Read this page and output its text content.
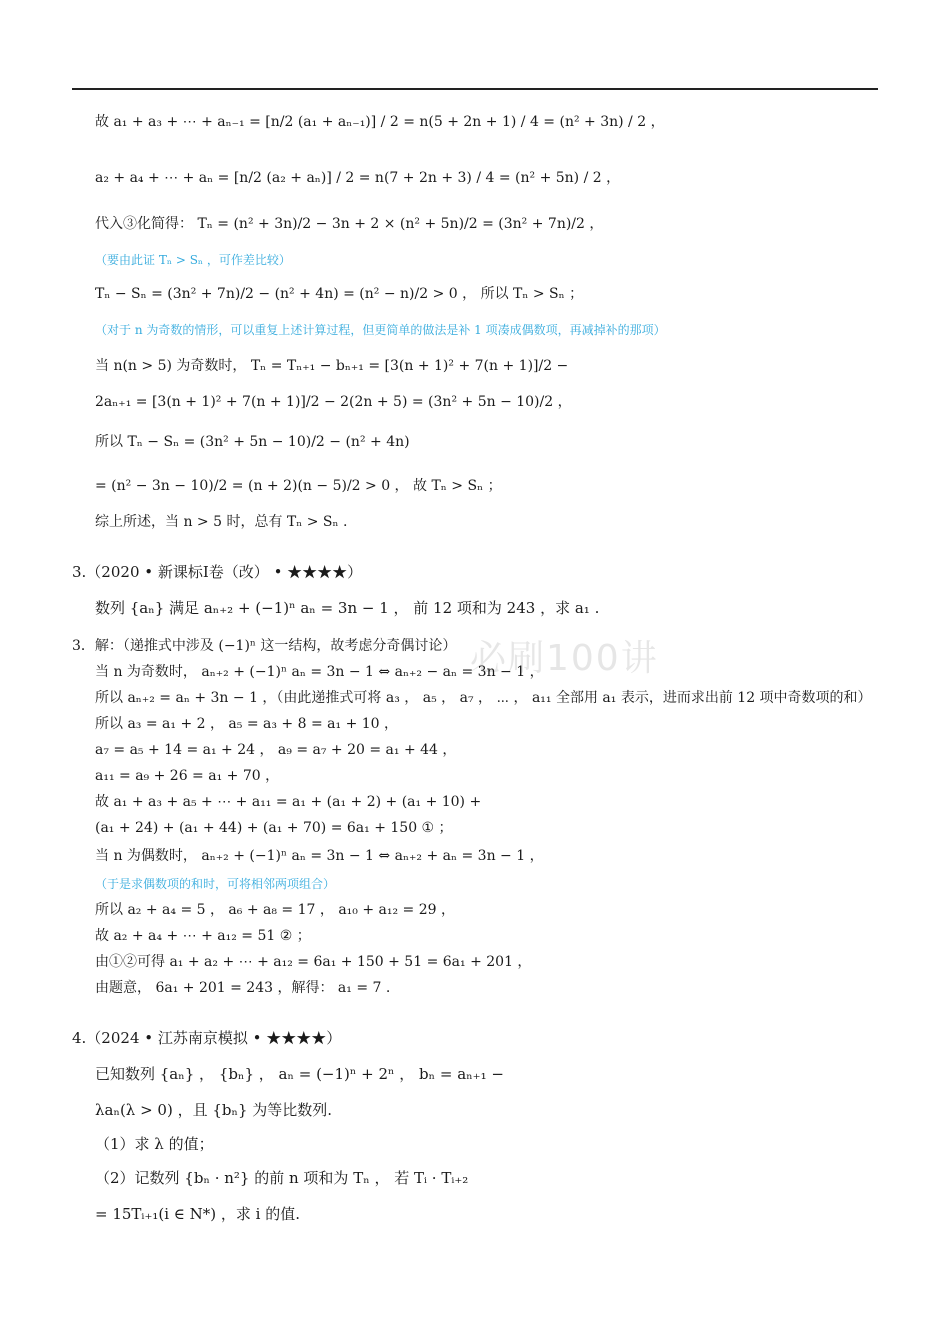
必刷100讲
故 a₁ + a₃ + ⋯ + aₙ₋₁ = [n/2 (a₁ + aₙ₋₁)] / 2 = n(5 + 2n + 1) / 4 = (n² + 3n) / 2 ，
a₂ + a₄ + ⋯ + aₙ = [n/2 (a₂ + aₙ)] / 2 = n(7 + 2n + 3) / 4 = (n² + 5n) / 2 ，
代入③化简得： Tₙ = (n² + 3n)/2 − 3n + 2 × (n² + 5n)/2 = (3n² + 7n)/2 ，
（要由此证 Tₙ > Sₙ ，可作差比较）
Tₙ − Sₙ = (3n² + 7n)/2 − (n² + 4n) = (n² − n)/2 > 0 ， 所以 Tₙ > Sₙ ；
（对于 n 为奇数的情形，可以重复上述计算过程，但更简单的做法是补 1 项凑成偶数项，再减掉补的那项）
当 n(n > 5) 为奇数时， Tₙ = Tₙ₊₁ − bₙ₊₁ = [3(n + 1)² + 7(n + 1)]/2 −
2aₙ₊₁ = [3(n + 1)² + 7(n + 1)]/2 − 2(2n + 5) = (3n² + 5n − 10)/2 ，
所以 Tₙ − Sₙ = (3n² + 5n − 10)/2 − (n² + 4n)
= (n² − 3n − 10)/2 = (n + 2)(n − 5)/2 > 0 ， 故 Tₙ > Sₙ ；
综上所述，当 n > 5 时，总有 Tₙ > Sₙ .
3.（2020 • 新课标Ⅰ卷（改） • ★★★★）
数列 {aₙ} 满足 aₙ₊₂ + (−1)ⁿ aₙ = 3n − 1 ， 前 12 项和为 243 ，求 a₁ .
3．解：（递推式中涉及 (−1)ⁿ 这一结构，故考虑分奇偶讨论）
当 n 为奇数时， aₙ₊₂ + (−1)ⁿ aₙ = 3n − 1 ⇔ aₙ₊₂ − aₙ = 3n − 1 ，
所以 aₙ₊₂ = aₙ + 3n − 1 ，（由此递推式可将 a₃ ， a₅ ， a₇ ， ⋯ ， a₁₁ 全部用 a₁ 表示，进而求出前 12 项中奇数项的和）
所以 a₃ = a₁ + 2 ， a₅ = a₃ + 8 = a₁ + 10 ，
a₇ = a₅ + 14 = a₁ + 24 ， a₉ = a₇ + 20 = a₁ + 44 ，
a₁₁ = a₉ + 26 = a₁ + 70 ，
故 a₁ + a₃ + a₅ + ⋯ + a₁₁ = a₁ + (a₁ + 2) + (a₁ + 10) +
(a₁ + 24) + (a₁ + 44) + (a₁ + 70) = 6a₁ + 150 ① ；
当 n 为偶数时， aₙ₊₂ + (−1)ⁿ aₙ = 3n − 1 ⇔ aₙ₊₂ + aₙ = 3n − 1 ，
（于是求偶数项的和时，可将相邻两项组合）
所以 a₂ + a₄ = 5 ， a₆ + a₈ = 17 ， a₁₀ + a₁₂ = 29 ，
故 a₂ + a₄ + ⋯ + a₁₂ = 51 ② ；
由①②可得 a₁ + a₂ + ⋯ + a₁₂ = 6a₁ + 150 + 51 = 6a₁ + 201 ，
由题意， 6a₁ + 201 = 243 ，解得： a₁ = 7 .
4.（2024 • 江苏南京模拟 • ★★★★）
已知数列 {aₙ} ， {bₙ} ， aₙ = (−1)ⁿ + 2ⁿ ， bₙ = aₙ₊₁ −
λaₙ(λ > 0) ，且 {bₙ} 为等比数列.
（1）求 λ 的值；
（2）记数列 {bₙ · n²} 的前 n 项和为 Tₙ ， 若 Tᵢ · Tᵢ₊₂
= 15Tᵢ₊₁(i ∈ N*) ，求 i 的值.
